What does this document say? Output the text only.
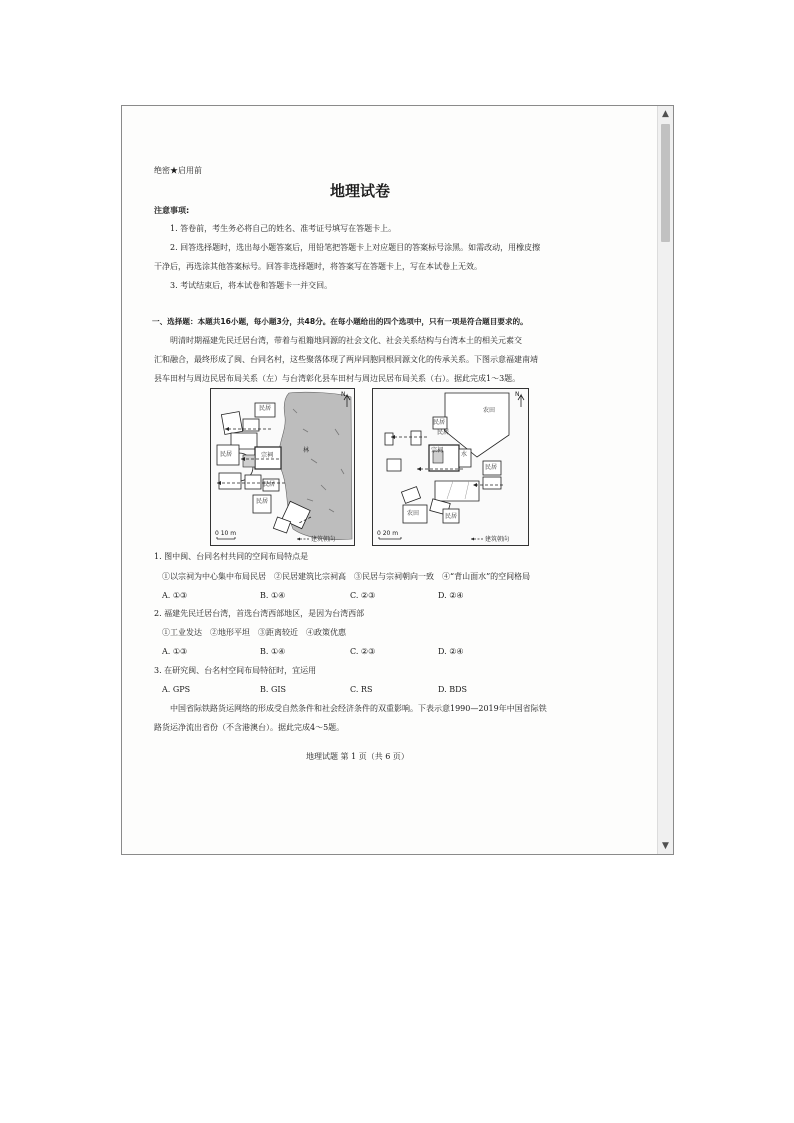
绝密★启用前
地理试卷
注意事项:
1. 答卷前，考生务必将自己的姓名、准考证号填写在答题卡上。
2. 回答选择题时，选出每小题答案后，用铅笔把答题卡上对应题目的答案标号涂黑。如需改动，用橡皮擦
干净后，再选涂其他答案标号。回答非选择题时，将答案写在答题卡上，写在本试卷上无效。
3. 考试结束后，将本试卷和答题卡一并交回。
一、选择题：本题共16小题，每小题3分，共48分。在每小题给出的四个选项中，只有一项是符合题目要求的。
明清时期福建先民迁居台湾，带着与祖籍地同源的社会文化、社会关系结构与台湾本土的相关元素交
汇和融合，最终形成了闽、台同名村，这些聚落体现了两岸同胞同根同源文化的传承关系。下图示意福建南靖
县车田村与周边民居布局关系（左）与台湾彰化县车田村与周边民居布局关系（右）。据此完成1～3题。
民居
民居	宗祠
民居
林
民居
N
0 10 m
建筑朝向
农田
民居
宗祠
水
民居
农田	民居
民居
N
0 20 m
建筑朝向
1. 图中闽、台同名村共同的空间布局特点是
①以宗祠为中心集中布局民居　②民居建筑比宗祠高　③民居与宗祠朝向一致　④“背山面水”的空间格局
A. ①③	B. ①④	C. ②③	D. ②④
2. 福建先民迁居台湾，首选台湾西部地区，是因为台湾西部
①工业发达　②地形平坦　③距离较近　④政策优惠
A. ①③	B. ①④	C. ②③	D. ②④
3. 在研究闽、台名村空间布局特征时，宜运用
A. GPS	B. GIS	C. RS	D. BDS
中国省际铁路货运网络的形成受自然条件和社会经济条件的双重影响。下表示意1990—2019年中国省际铁
路货运净流出省份（不含港澳台）。据此完成4～5题。
地理试题 第 1 页（共 6 页）
▲
▼
